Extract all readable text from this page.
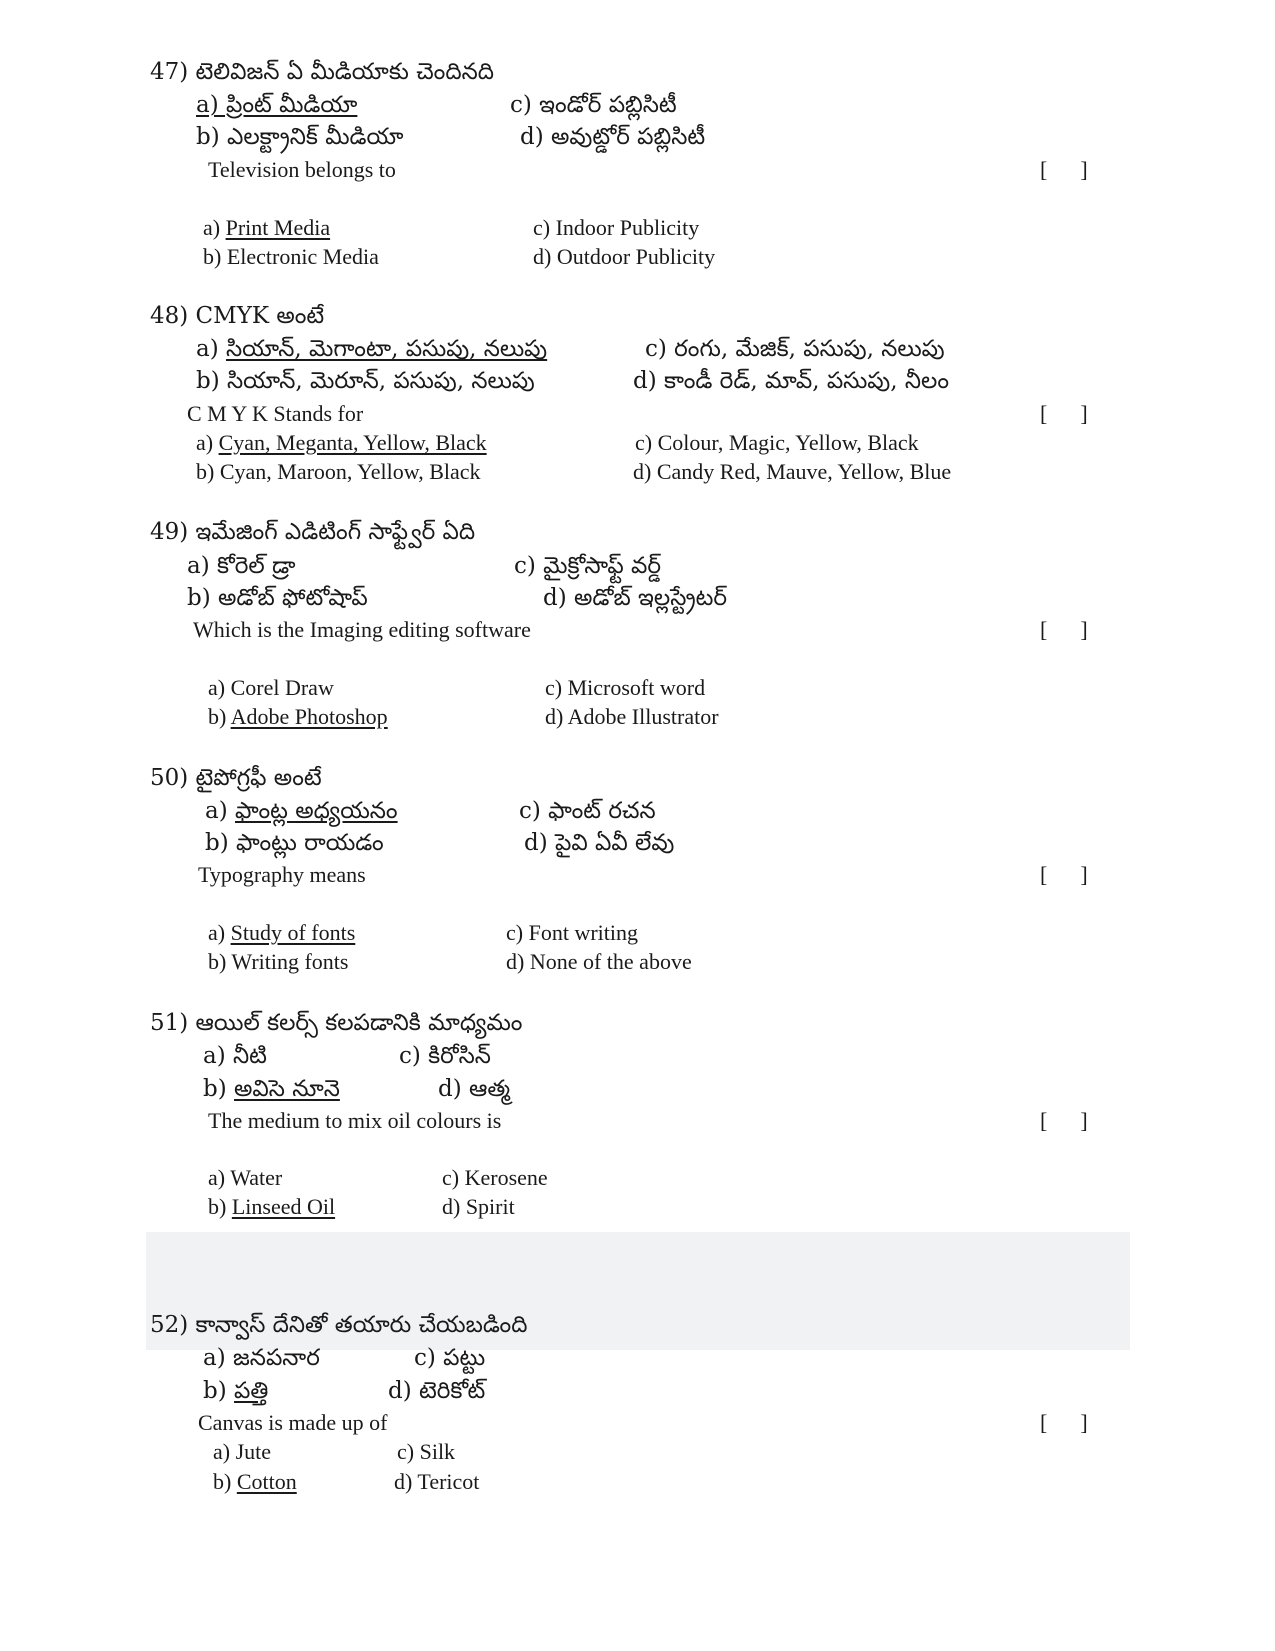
47) టెలివిజన్ ఏ మీడియాకు చెందినది
a) ప్రింట్ మీడియా	c) ఇండోర్ పబ్లిసిటీ
b) ఎలక్ట్రానిక్ మీడియా	d) అవుట్డోర్ పబ్లిసిటీ
Television belongs to	[      ]
a) Print Media	c) Indoor Publicity
b) Electronic Media	d) Outdoor Publicity
48) CMYK అంటే
a) సియాన్, మెగాంటా, పసుపు, నలుపు	c) రంగు, మేజిక్, పసుపు, నలుపు
b) సియాన్, మెరూన్, పసుపు, నలుపు	d) కాండీ రెడ్, మావ్, పసుపు, నీలం
C M Y K Stands for	[      ]
a) Cyan, Meganta, Yellow, Black	c) Colour, Magic, Yellow, Black
b) Cyan, Maroon, Yellow, Black	d) Candy Red, Mauve, Yellow, Blue
49) ఇమేజింగ్ ఎడిటింగ్ సాఫ్ట్వేర్ ఏది
a) కోరెల్ డ్రా	c) మైక్రోసాఫ్ట్ వర్డ్
b) అడోబ్ ఫోటోషాప్	d) అడోబ్ ఇల్లస్ట్రేటర్
Which is the Imaging editing software	[      ]
a) Corel Draw	c) Microsoft word
b) Adobe Photoshop	d) Adobe Illustrator
50) టైపోగ్రఫీ అంటే
a) ఫాంట్ల అధ్యయనం	c) ఫాంట్ రచన
b) ఫాంట్లు రాయడం	d) పైవి ఏవీ లేవు
Typography means	[      ]
a) Study of fonts	c) Font writing
b) Writing fonts	d) None of the above
51) ఆయిల్ కలర్స్ కలపడానికి మాధ్యమం
a) నీటి	c) కిరోసిన్
b) అవిసె నూనె	d) ఆత్మ
The medium to mix oil colours is	[      ]
a) Water	c) Kerosene
b) Linseed Oil	d) Spirit
52) కాన్వాస్ దేనితో తయారు చేయబడింది
a) జనపనార	c) పట్టు
b) పత్తి	d) టెరికోట్
Canvas is made up of	[      ]
a) Jute	c) Silk
b) Cotton	d) Tericot
